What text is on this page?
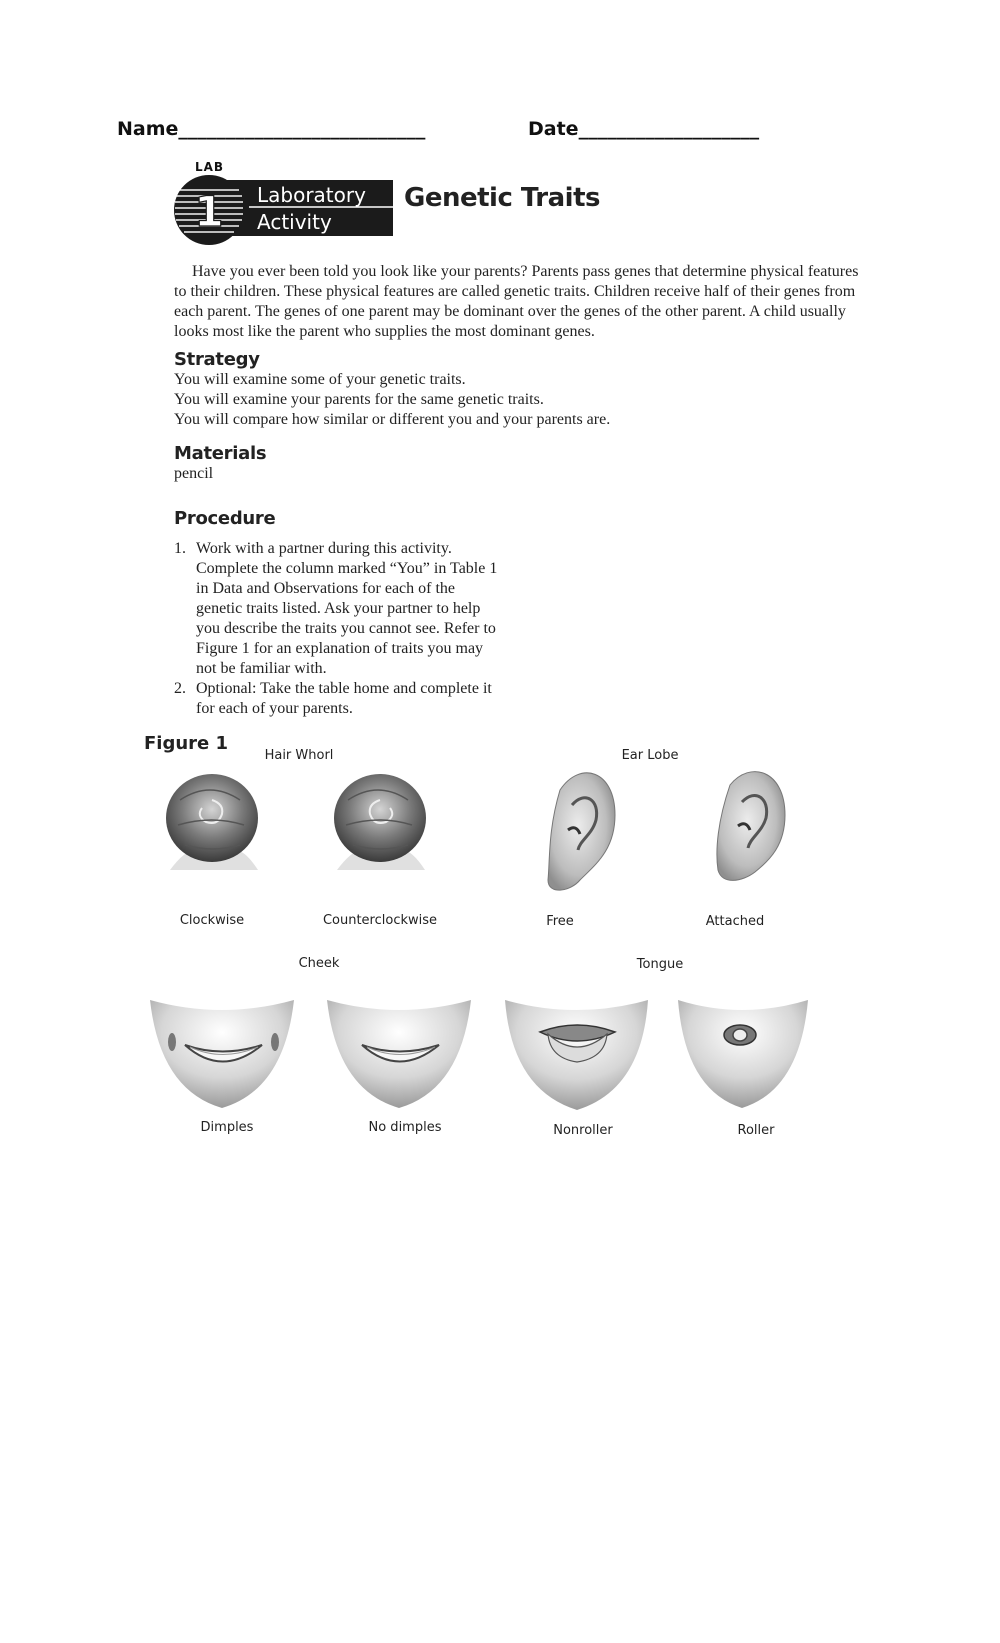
Name__________________________	Date___________________
LAB
1 Laboratory
Activity
Genetic Traits
Have you ever been told you look like your parents? Parents pass genes that determine physical features to their children. These physical features are called genetic traits. Children receive half of their genes from each parent. The genes of one parent may be dominant over the genes of the other parent. A child usually looks most like the parent who supplies the most dominant genes.
Strategy
You will examine some of your genetic traits.
You will examine your parents for the same genetic traits.
You will compare how similar or different you and your parents are.
Materials
pencil
Procedure
1. Work with a partner during this activity. Complete the column marked “You” in Table 1 in Data and Observations for each of the genetic traits listed. Ask your partner to help you describe the traits you cannot see. Refer to Figure 1 for an explanation of traits you may not be familiar with.
2. Optional: Take the table home and complete it for each of your parents.
Figure 1
Hair Whorl	Ear Lobe
Cheek	Tongue
Clockwise	Counterclockwise	Free	Attached
Dimples	No dimples	Nonroller	Roller
